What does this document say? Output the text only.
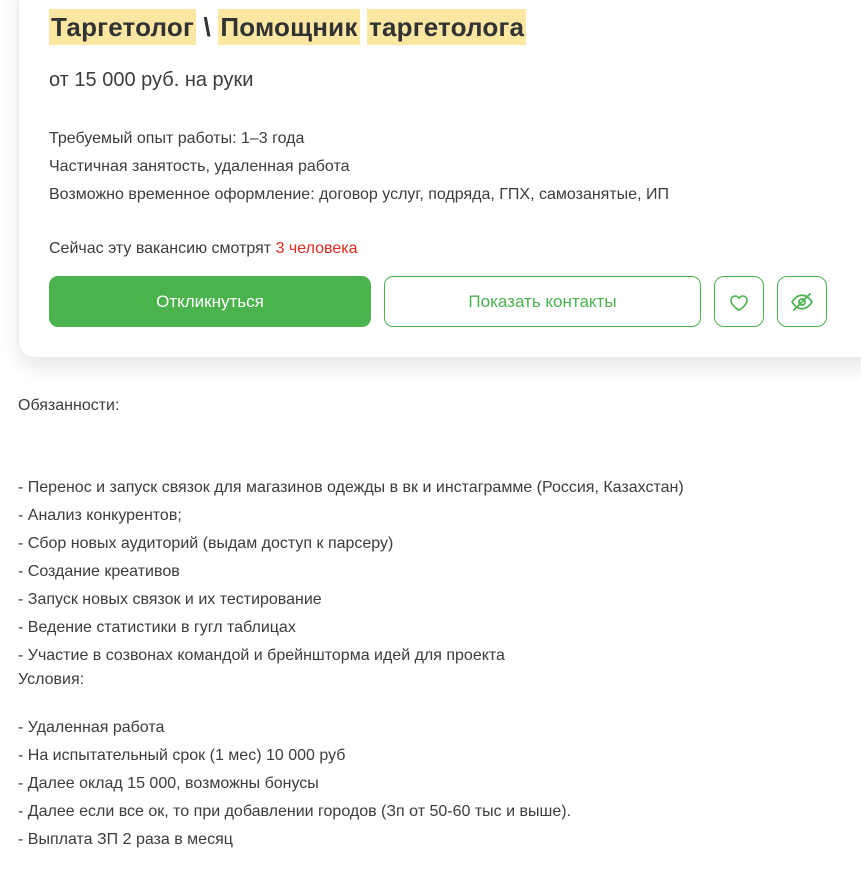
Таргетолог \ Помощник таргетолога
от 15 000 руб. на руки

Требуемый опыт работы: 1–3 года

Частичная занятость, удаленная работа

Возможно временное оформление: договор услуг, подряда, ГПХ, самозанятые, ИП

Сейчас эту вакансию смотрят 3 человека
Откликнуться	Показать контакты

Обязанности:

- Перенос и запуск связок для магазинов одежды в вк и инстаграмме (Россия, Казахстан)

- Анализ конкурентов;

- Сбор новых аудиторий (выдам доступ к парсеру)

- Создание креативов

- Запуск новых связок и их тестирование

- Ведение статистики в гугл таблицах

- Участие в созвонах командой и брейншторма идей для проекта

Условия:

- Удаленная работа

- На испытательный срок (1 мес) 10 000 руб

- Далее оклад 15 000, возможны бонусы

- Далее если все ок, то при добавлении городов (Зп от 50-60 тыс и выше).

- Выплата ЗП 2 раза в месяц
